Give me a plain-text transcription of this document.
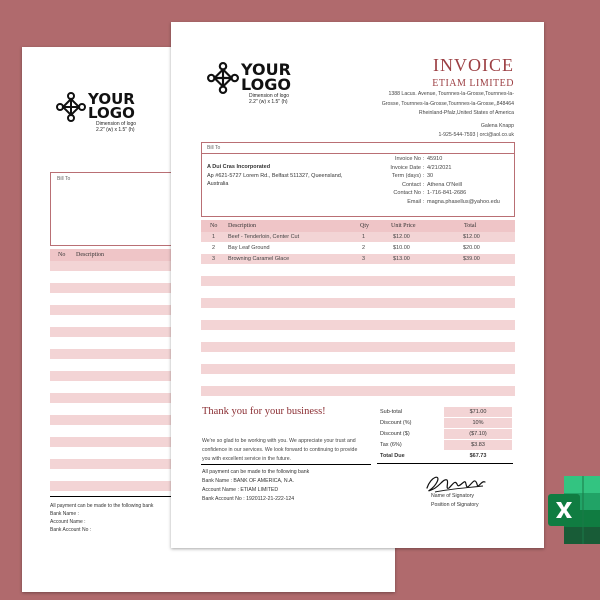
YOUR
LOGO
Dimension of logo
2.2" (w) x 1.5" (h)
Bill To
No Description
All payment can be made to the following bank
Bank Name :
Account Name :
Bank Account No :
YOUR
LOGO
Dimension of logo
2.2" (w) x 1.5" (h)
INVOICE
ETIAM LIMITED
1388 Lacus. Avenue, Tournnes-la-Grosse,Tournnes-la-
Grosse, Tournnes-la-Grosse,Tournnes-la-Grosse,,848464
Rheinland-Pfalz,United States of America
Galena Knapp
1-925-544-7593 | orci@aol.co.uk
Bill To
A Dui Cras Incorporated
Ap #621-5727 Lorem Rd., Belfast 511327, Queensland,
Australia
Invoice No : 45910
Invoice Date : 4/21/2021
Term (days) : 30
Contact : Athena O'Neill
Contact No : 1-716-841-2686
Email : magna.phasellus@yahoo.edu
No Description	Qty	Unit Price	Total
1 Beef - Tenderloin, Center Cut	1	$12.00	$12.00
2 Bay Leaf Ground	2	$10.00	$20.00
3 Browning Caramel Glace	3	$13.00	$39.00
Thank you for your business!
We're so glad to be working with you. We appreciate your trust and
confidence in our services. We look forward to continuing to provide
you with excellent service in the future.
Sub-total	$71.00
Discount (%)	10%
Discount ($)	($7.10)
Tax (6%)	$3.83
Total Due	$67.73
All payment can be made to the following bank
Bank Name : BANK OF AMERICA, N.A.
Account Name : ETIAM LIMITED
Bank Account No : 1920112-21-222-124	Name of Signatory
Position of Signatory
